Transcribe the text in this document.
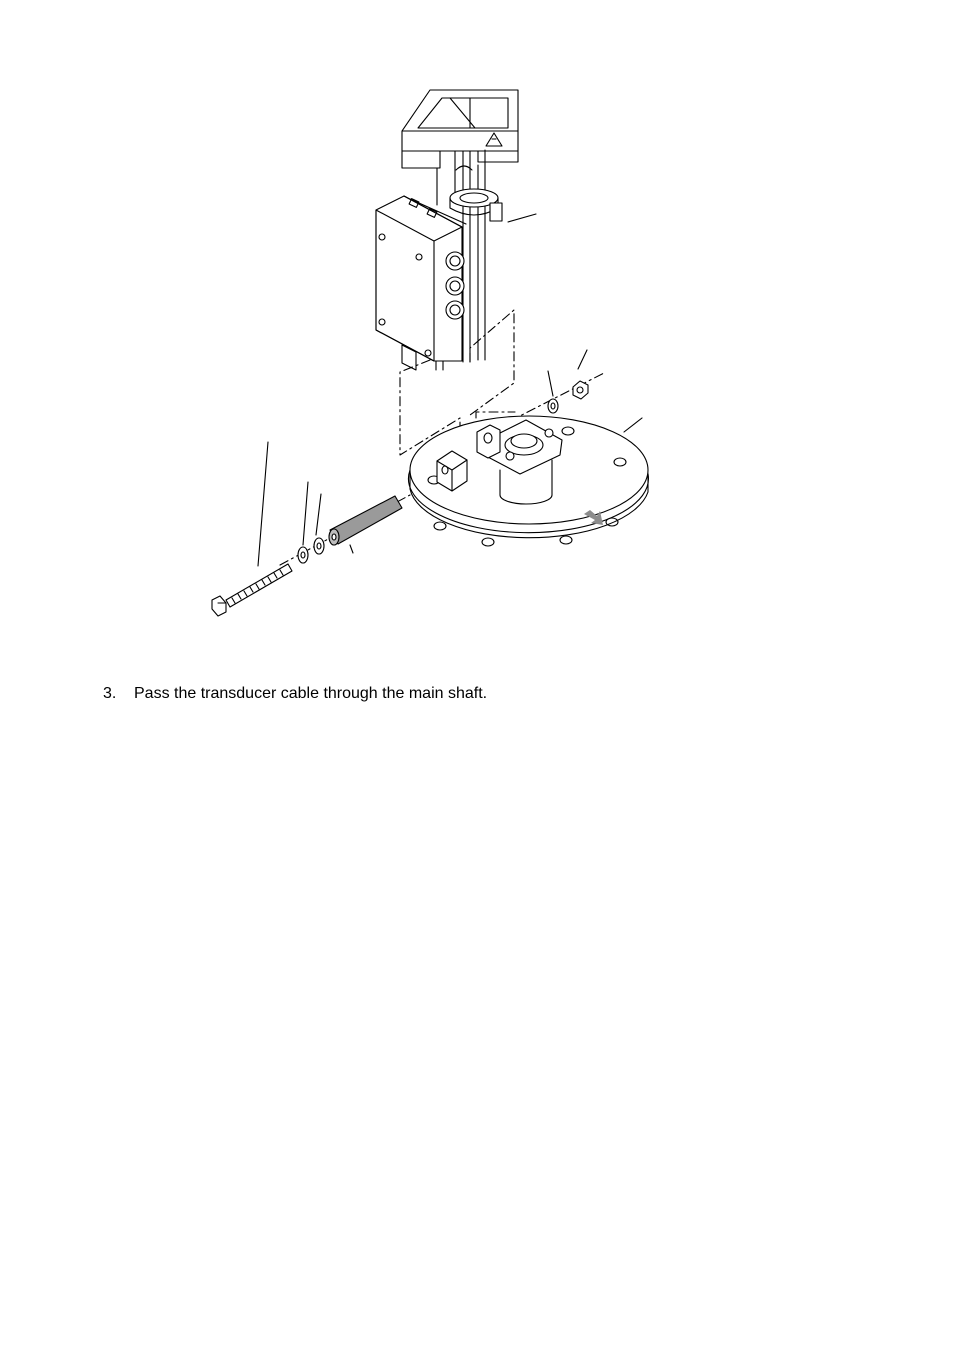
3. Pass the transducer cable through the main shaft.
